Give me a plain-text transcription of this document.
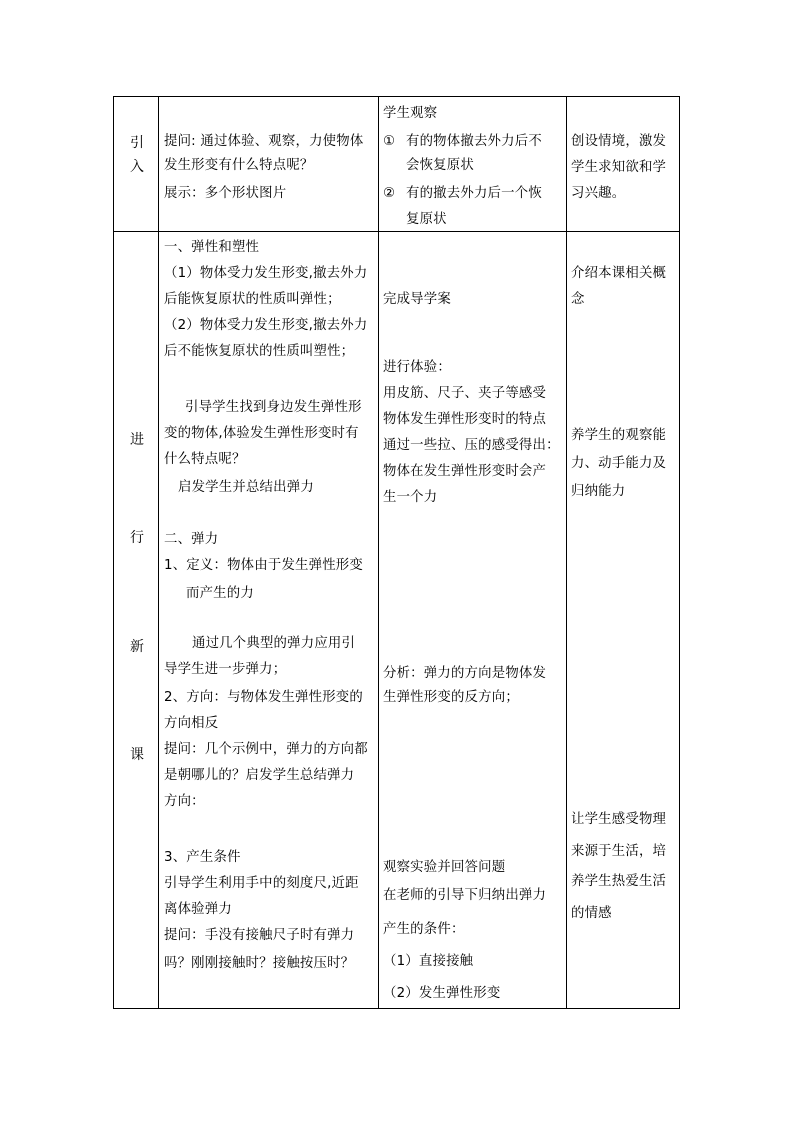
引
入
提问: 通过体验、观察，力使物体
发生形变有什么特点呢？
展示：多个形状图片
学生观察
① 有的物体撤去外力后不
会恢复原状
② 有的撤去外力后一个恢
复原状
创设情境，激发
学生求知欲和学
习兴趣。
进
行
新
课
一、弹性和塑性
（1）物体受力发生形变,撤去外力
后能恢复原状的性质叫弹性；
（2）物体受力发生形变,撤去外力
后不能恢复原状的性质叫塑性；
引导学生找到身边发生弹性形
变的物体,体验发生弹性形变时有
什么特点呢？
启发学生并总结出弹力
二、弹力
1、定义：物体由于发生弹性形变
而产生的力
通过几个典型的弹力应用引
导学生进一步弹力；
2、方向：与物体发生弹性形变的
方向相反
提问：几个示例中，弹力的方向都
是朝哪儿的？启发学生总结弹力
方向：
3、产生条件
引导学生利用手中的刻度尺,近距
离体验弹力
提问：手没有接触尺子时有弹力
吗？刚刚接触时？接触按压时？
完成导学案
进行体验：
用皮筋、尺子、夹子等感受
物体发生弹性形变时的特点
通过一些拉、压的感受得出：
物体在发生弹性形变时会产
生一个力
分析：弹力的方向是物体发
生弹性形变的反方向；
观察实验并回答问题
在老师的引导下归纳出弹力
产生的条件：
（1）直接接触
（2）发生弹性形变
介绍本课相关概
念
养学生的观察能
力、动手能力及
归纳能力
让学生感受物理
来源于生活，培
养学生热爱生活
的情感
